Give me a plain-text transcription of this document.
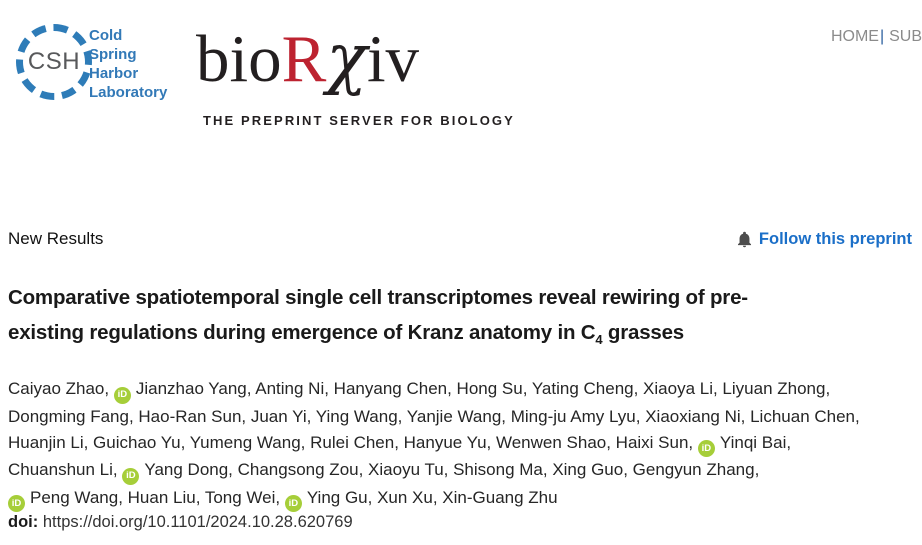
CSH
Cold
Spring
Harbor
Laboratory bioRχiv
THE PREPRINT SERVER FOR BIOLOGY
HOME| SUB
New Results	Follow this preprint
Comparative spatiotemporal single cell transcriptomes reveal rewiring of pre-
existing regulations during emergence of Kranz anatomy in $C_4$ grasses
Caiyao Zhao, iD Jianzhao Yang, Anting Ni, Hanyang Chen, Hong Su, Yating Cheng, Xiaoya Li, Liyuan Zhong,
Dongming Fang, Hao-Ran Sun, Juan Yi, Ying Wang, Yanjie Wang, Ming-ju Amy Lyu, Xiaoxiang Ni, Lichuan Chen,
Huanjin Li, Guichao Yu, Yumeng Wang, Rulei Chen, Hanyue Yu, Wenwen Shao, Haixi Sun, iD Yinqi Bai,
Chuanshun Li, iD Yang Dong, Changsong Zou, Xiaoyu Tu, Shisong Ma, Xing Guo, Gengyun Zhang,
iD Peng Wang, Huan Liu, Tong Wei, iD Ying Gu, Xun Xu, Xin-Guang Zhu
doi: https://doi.org/10.1101/2024.10.28.620769
